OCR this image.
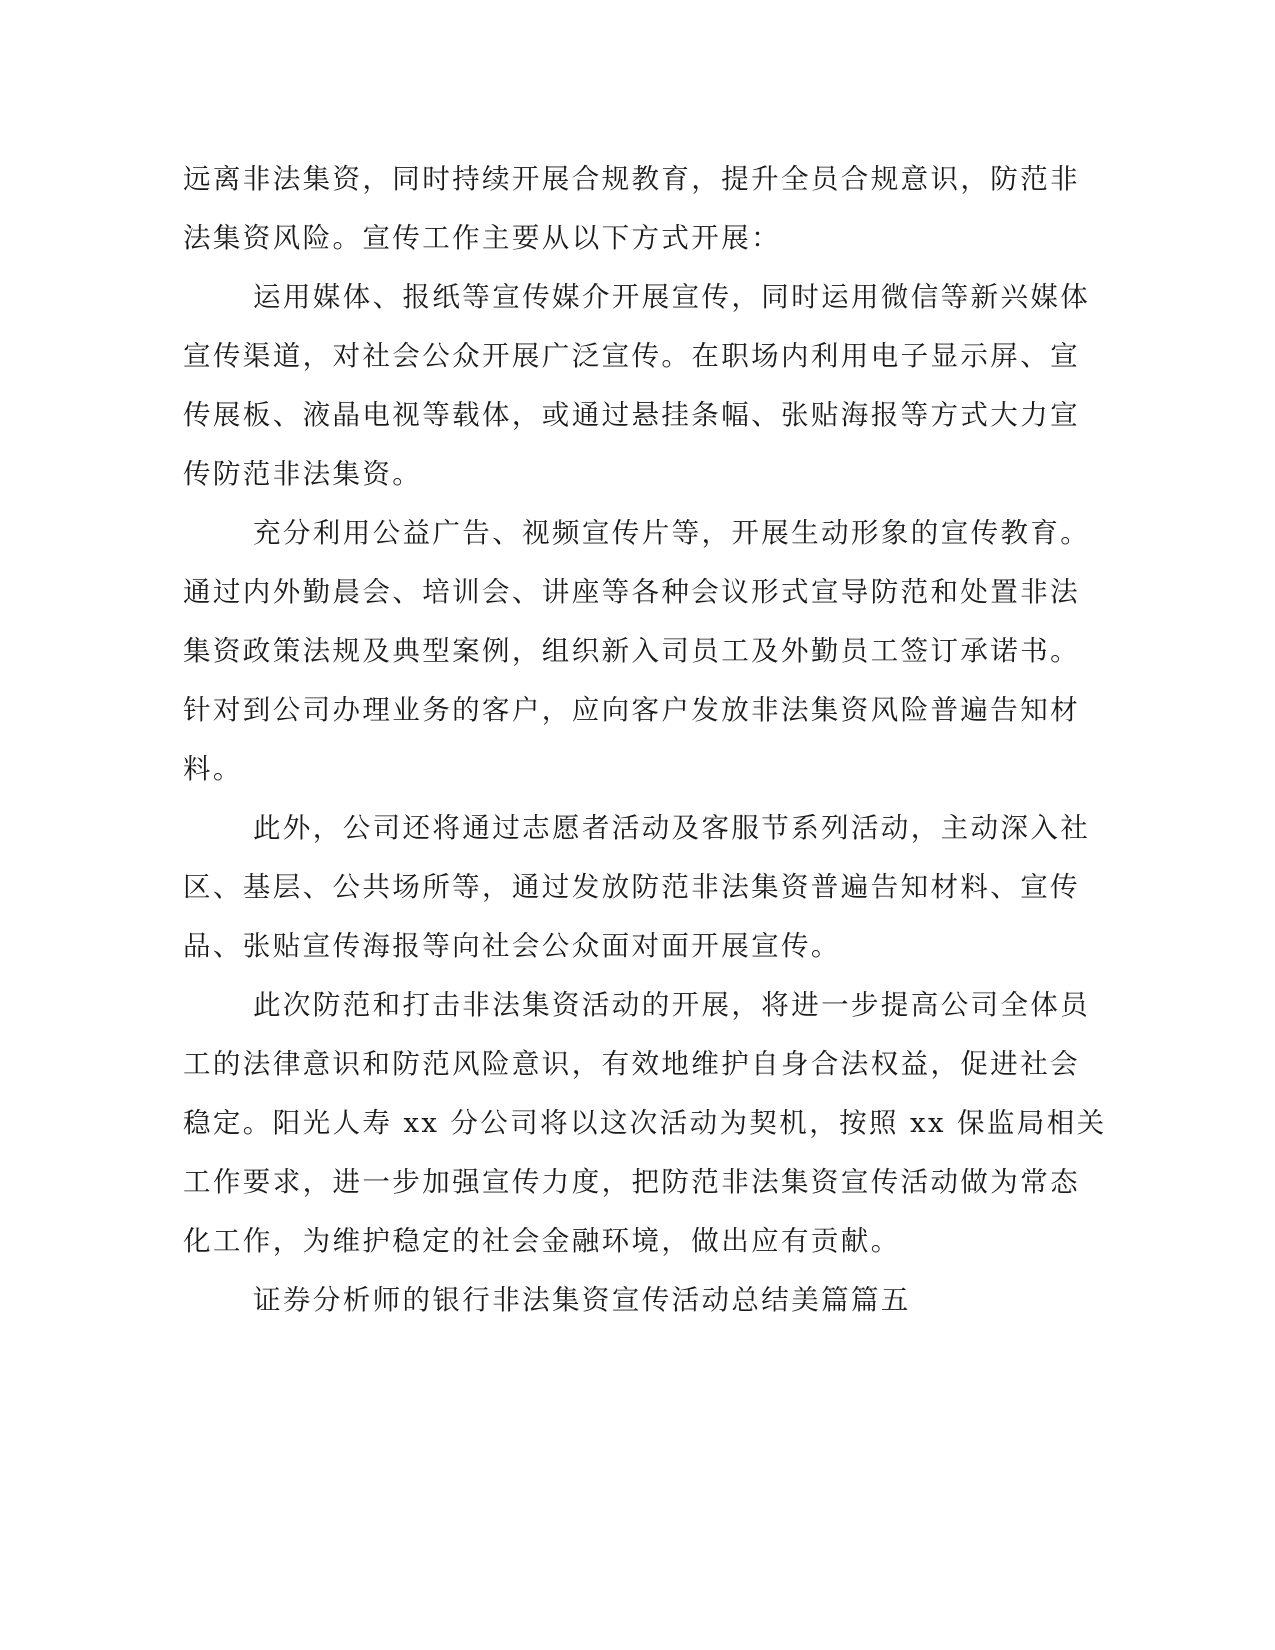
远离非法集资，同时持续开展合规教育，提升全员合规意识，防范非
法集资风险。宣传工作主要从以下方式开展：
运用媒体、报纸等宣传媒介开展宣传，同时运用微信等新兴媒体
宣传渠道，对社会公众开展广泛宣传。在职场内利用电子显示屏、宣
传展板、液晶电视等载体，或通过悬挂条幅、张贴海报等方式大力宣
传防范非法集资。
充分利用公益广告、视频宣传片等，开展生动形象的宣传教育。
通过内外勤晨会、培训会、讲座等各种会议形式宣导防范和处置非法
集资政策法规及典型案例，组织新入司员工及外勤员工签订承诺书。
针对到公司办理业务的客户，应向客户发放非法集资风险普遍告知材
料。
此外，公司还将通过志愿者活动及客服节系列活动，主动深入社
区、基层、公共场所等，通过发放防范非法集资普遍告知材料、宣传
品、张贴宣传海报等向社会公众面对面开展宣传。
此次防范和打击非法集资活动的开展，将进一步提高公司全体员
工的法律意识和防范风险意识，有效地维护自身合法权益，促进社会
稳定。阳光人寿 xx 分公司将以这次活动为契机，按照 xx 保监局相关
工作要求，进一步加强宣传力度，把防范非法集资宣传活动做为常态
化工作，为维护稳定的社会金融环境，做出应有贡献。
证券分析师的银行非法集资宣传活动总结美篇篇五
